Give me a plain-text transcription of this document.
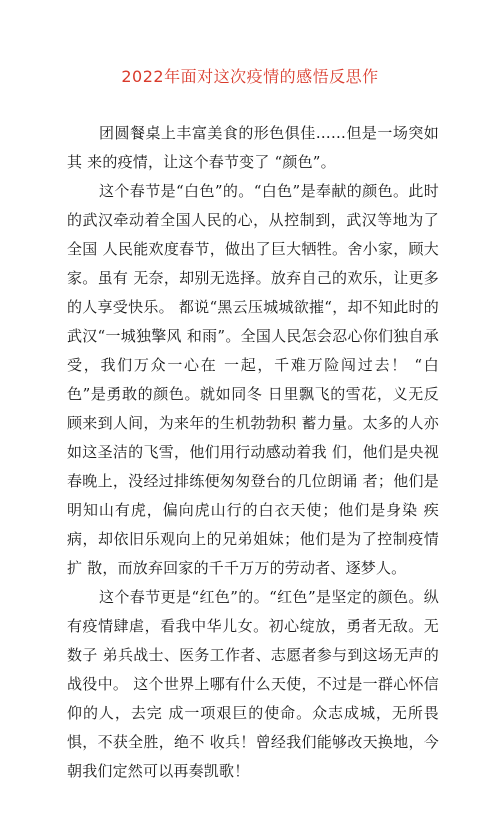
2022年面对这次疫情的感悟反思作

团圆餐桌上丰富美食的形色俱佳……但是一场突如其 来的疫情，让这个春节变了 “颜色”。

这个春节是“白色”的。“白色”是奉献的颜色。此时 的武汉牵动着全国人民的心，从控制到，武汉等地为了全国 人民能欢度春节，做出了巨大牺牲。舍小家，顾大家。虽有 无奈，却别无选择。放弃自己的欢乐，让更多的人享受快乐。 都说“黑云压城城欲摧“，却不知此时的武汉“一城独擎风 和雨”。全国人民怎会忍心你们独自承受，我们万众一心在 一起，千难万险闯过去！ “白色”是勇敢的颜色。就如同冬 日里飘飞的雪花，义无反顾来到人间，为来年的生机勃勃积 蓄力量。太多的人亦如这圣洁的飞雪，他们用行动感动着我 们，他们是央视春晚上，没经过排练便匆匆登台的几位朗诵 者；他们是明知山有虎，偏向虎山行的白衣天使；他们是身染 疾病，却依旧乐观向上的兄弟姐妹；他们是为了控制疫情扩 散，而放弃回家的千千万万的劳动者、逐梦人。

这个春节更是“红色”的。“红色”是坚定的颜色。纵 有疫情肆虐，看我中华儿女。初心绽放，勇者无敌。无数子 弟兵战士、医务工作者、志愿者参与到这场无声的战役中。 这个世界上哪有什么天使，不过是一群心怀信仰的人，去完 成一项艰巨的使命。众志成城，无所畏惧，不获全胜，绝不 收兵！曾经我们能够改天换地，今朝我们定然可以再奏凯歌！
